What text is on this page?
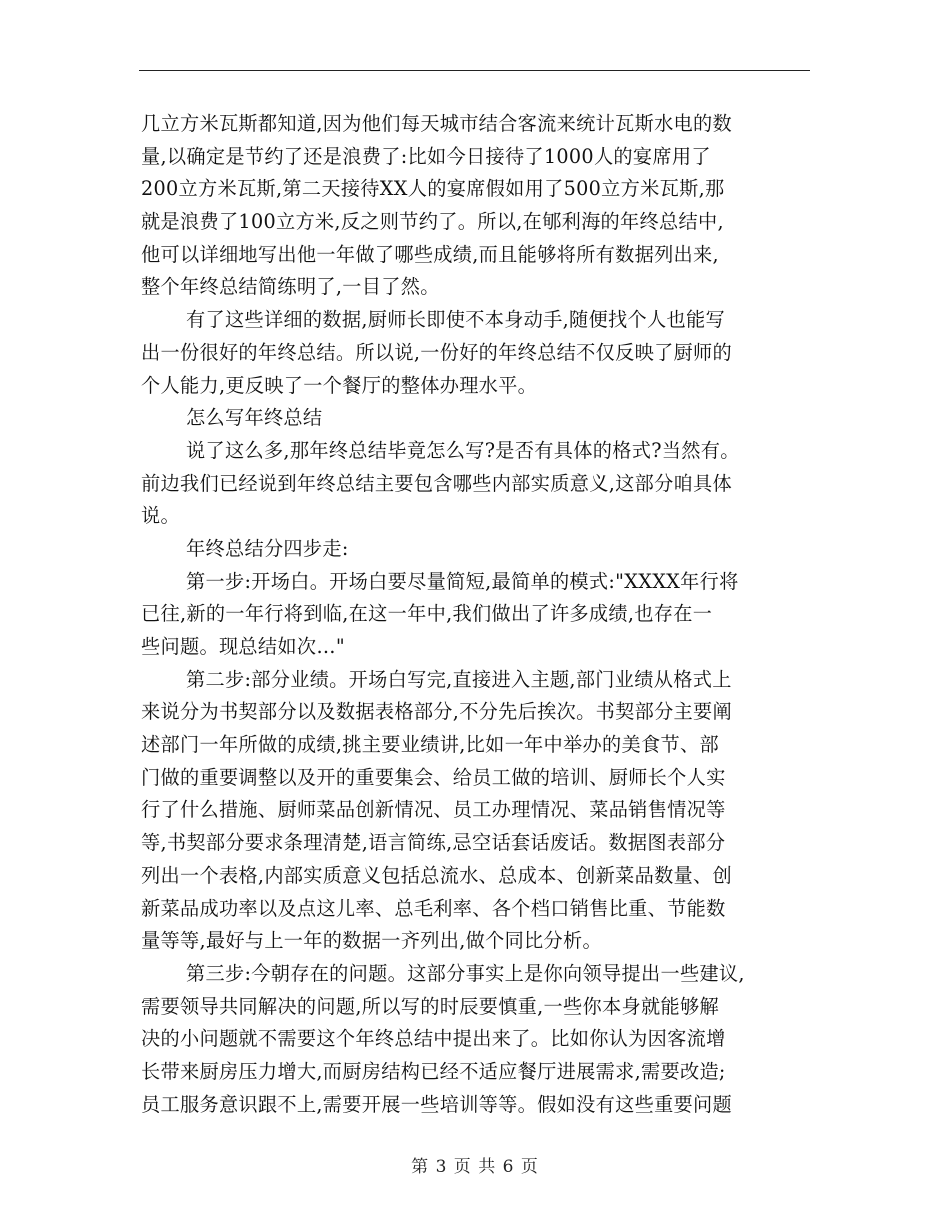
几立方米瓦斯都知道,因为他们每天城市结合客流来统计瓦斯水电的数
量,以确定是节约了还是浪费了:比如今日接待了1000人的宴席用了
200立方米瓦斯,第二天接待XX人的宴席假如用了500立方米瓦斯,那
就是浪费了100立方米,反之则节约了。所以,在郇利海的年终总结中,
他可以详细地写出他一年做了哪些成绩,而且能够将所有数据列出来,
整个年终总结简练明了,一目了然。
有了这些详细的数据,厨师长即使不本身动手,随便找个人也能写
出一份很好的年终总结。所以说,一份好的年终总结不仅反映了厨师的
个人能力,更反映了一个餐厅的整体办理水平。
怎么写年终总结
说了这么多,那年终总结毕竟怎么写?是否有具体的格式?当然有。
前边我们已经说到年终总结主要包含哪些内部实质意义,这部分咱具体
说。
年终总结分四步走:
第一步:开场白。开场白要尽量简短,最简单的模式:"XXXX年行将
已往,新的一年行将到临,在这一年中,我们做出了许多成绩,也存在一
些问题。现总结如次…"
第二步:部分业绩。开场白写完,直接进入主题,部门业绩从格式上
来说分为书契部分以及数据表格部分,不分先后挨次。书契部分主要阐
述部门一年所做的成绩,挑主要业绩讲,比如一年中举办的美食节、部
门做的重要调整以及开的重要集会、给员工做的培训、厨师长个人实
行了什么措施、厨师菜品创新情况、员工办理情况、菜品销售情况等
等,书契部分要求条理清楚,语言简练,忌空话套话废话。数据图表部分
列出一个表格,内部实质意义包括总流水、总成本、创新菜品数量、创
新菜品成功率以及点这儿率、总毛利率、各个档口销售比重、节能数
量等等,最好与上一年的数据一齐列出,做个同比分析。
第三步:今朝存在的问题。这部分事实上是你向领导提出一些建议,
需要领导共同解决的问题,所以写的时辰要慎重,一些你本身就能够解
决的小问题就不需要这个年终总结中提出来了。比如你认为因客流增
长带来厨房压力增大,而厨房结构已经不适应餐厅进展需求,需要改造;
员工服务意识跟不上,需要开展一些培训等等。假如没有这些重要问题
第 3 页 共 6 页
